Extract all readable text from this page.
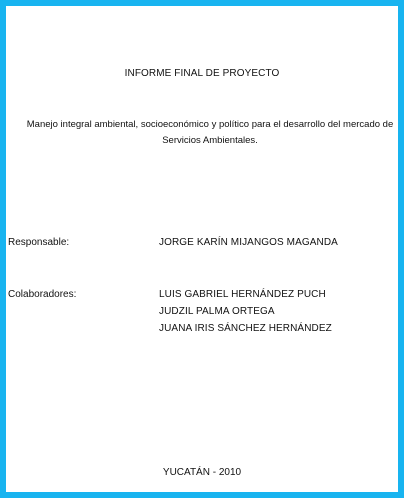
INFORME FINAL DE PROYECTO
Manejo integral ambiental, socioeconómico y político para el desarrollo del mercado de
Servicios Ambientales.
Responsable:	JORGE KARÍN MIJANGOS MAGANDA
Colaboradores:	LUIS GABRIEL HERNÁNDEZ PUCH
JUDZIL PALMA ORTEGA
JUANA IRIS SÁNCHEZ HERNÁNDEZ
YUCATÁN - 2010
